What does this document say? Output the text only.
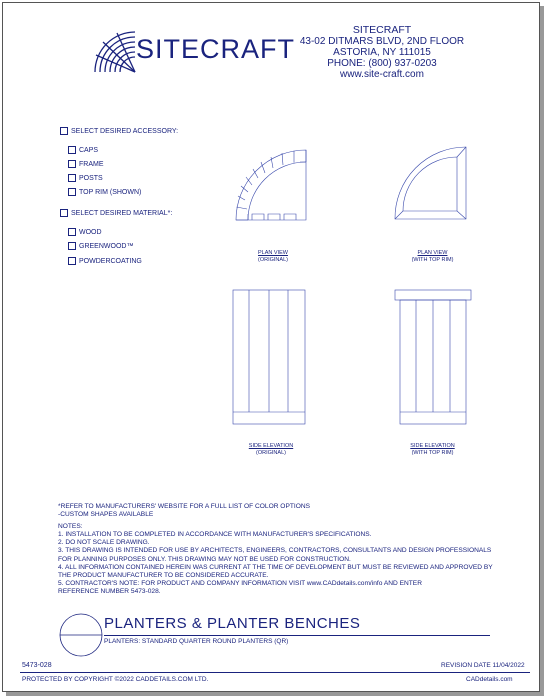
SITECRAFT
SITECRAFT
43-02 DITMARS BLVD, 2ND FLOOR
ASTORIA, NY 111015
PHONE: (800) 937-0203
www.site-craft.com
SELECT DESIRED ACCESSORY:
CAPS
FRAME
POSTS
TOP RIM (SHOWN)
SELECT DESIRED MATERIAL*:
WOOD
GREENWOOD™
POWDERCOATING
PLAN VIEW
(ORIGINAL)
PLAN VIEW
(WITH TOP RIM)
SIDE ELEVATION
(ORIGINAL)
SIDE ELEVATION
(WITH TOP RIM)
*REFER TO MANUFACTURERS' WEBSITE FOR A FULL LIST OF COLOR OPTIONS
-CUSTOM SHAPES AVAILABLE
NOTES:
1. INSTALLATION TO BE COMPLETED IN ACCORDANCE WITH MANUFACTURER'S SPECIFICATIONS.
2. DO NOT SCALE DRAWING.
3. THIS DRAWING IS INTENDED FOR USE BY ARCHITECTS, ENGINEERS, CONTRACTORS, CONSULTANTS AND DESIGN PROFESSIONALS
FOR PLANNING PURPOSES ONLY. THIS DRAWING MAY NOT BE USED FOR CONSTRUCTION.
4. ALL INFORMATION CONTAINED HEREIN WAS CURRENT AT THE TIME OF DEVELOPMENT BUT MUST BE REVIEWED AND APPROVED BY
THE PRODUCT MANUFACTURER TO BE CONSIDERED ACCURATE.
5. CONTRACTOR'S NOTE: FOR PRODUCT AND COMPANY INFORMATION VISIT www.CADdetails.com/info AND ENTER
REFERENCE NUMBER 5473-028.
PLANTERS & PLANTER BENCHES
PLANTERS: STANDARD QUARTER ROUND PLANTERS (QR)
5473-028	REVISION DATE 11/04/2022
PROTECTED BY COPYRIGHT ©2022 CADDETAILS.COM LTD.	CADdetails.com
